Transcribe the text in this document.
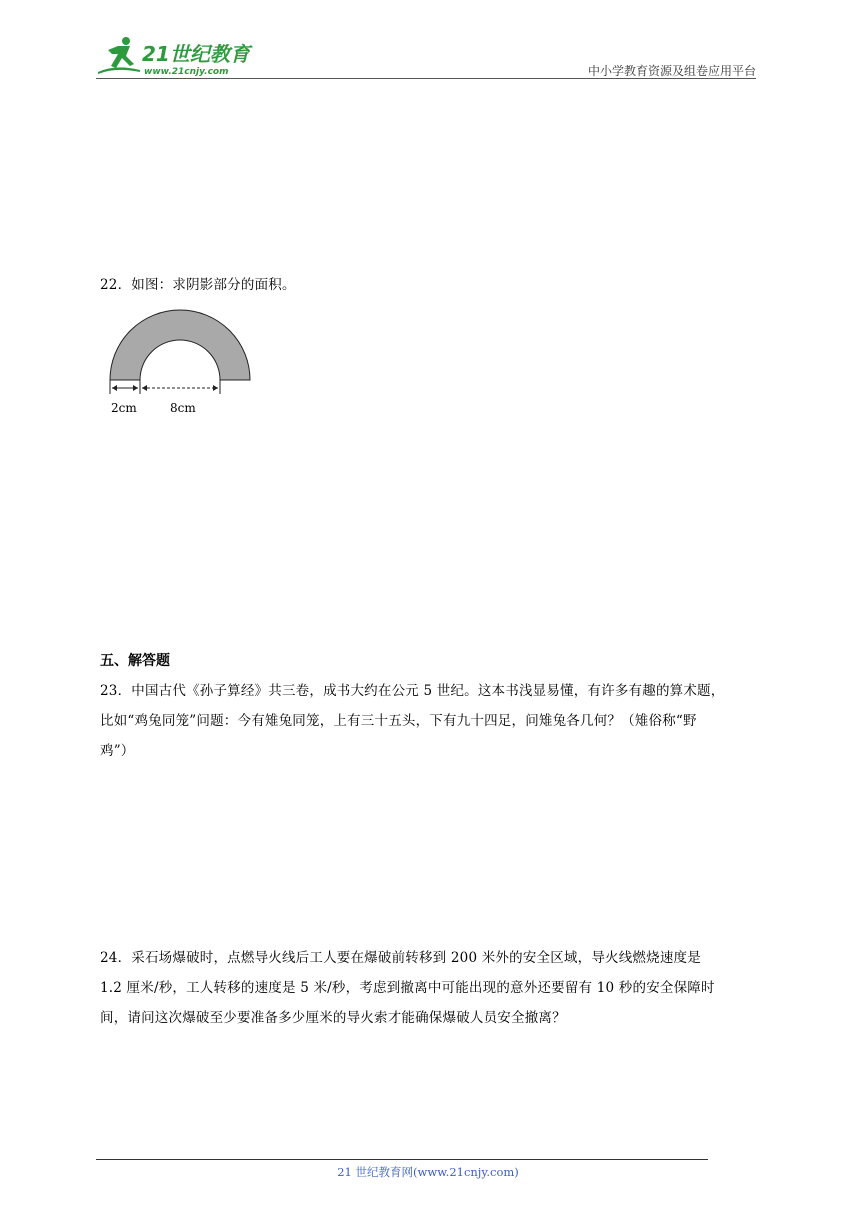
21世纪教育
www.21cnjy.com	中小学教育资源及组卷应用平台
22．如图：求阴影部分的面积。
2cm	8cm
五、解答题
23．中国古代《孙子算经》共三卷，成书大约在公元 5 世纪。这本书浅显易懂，有许多有趣的算术题，
比如“鸡兔同笼”问题：今有雉兔同笼，上有三十五头，下有九十四足，问雉兔各几何？（雉俗称“野
鸡”）
24．采石场爆破时，点燃导火线后工人要在爆破前转移到 200 米外的安全区域，导火线燃烧速度是
1.2 厘米/秒，工人转移的速度是 5 米/秒，考虑到撤离中可能出现的意外还要留有 10 秒的安全保障时
间，请问这次爆破至少要准备多少厘米的导火索才能确保爆破人员安全撤离？
21 世纪教育网(www.21cnjy.com)
